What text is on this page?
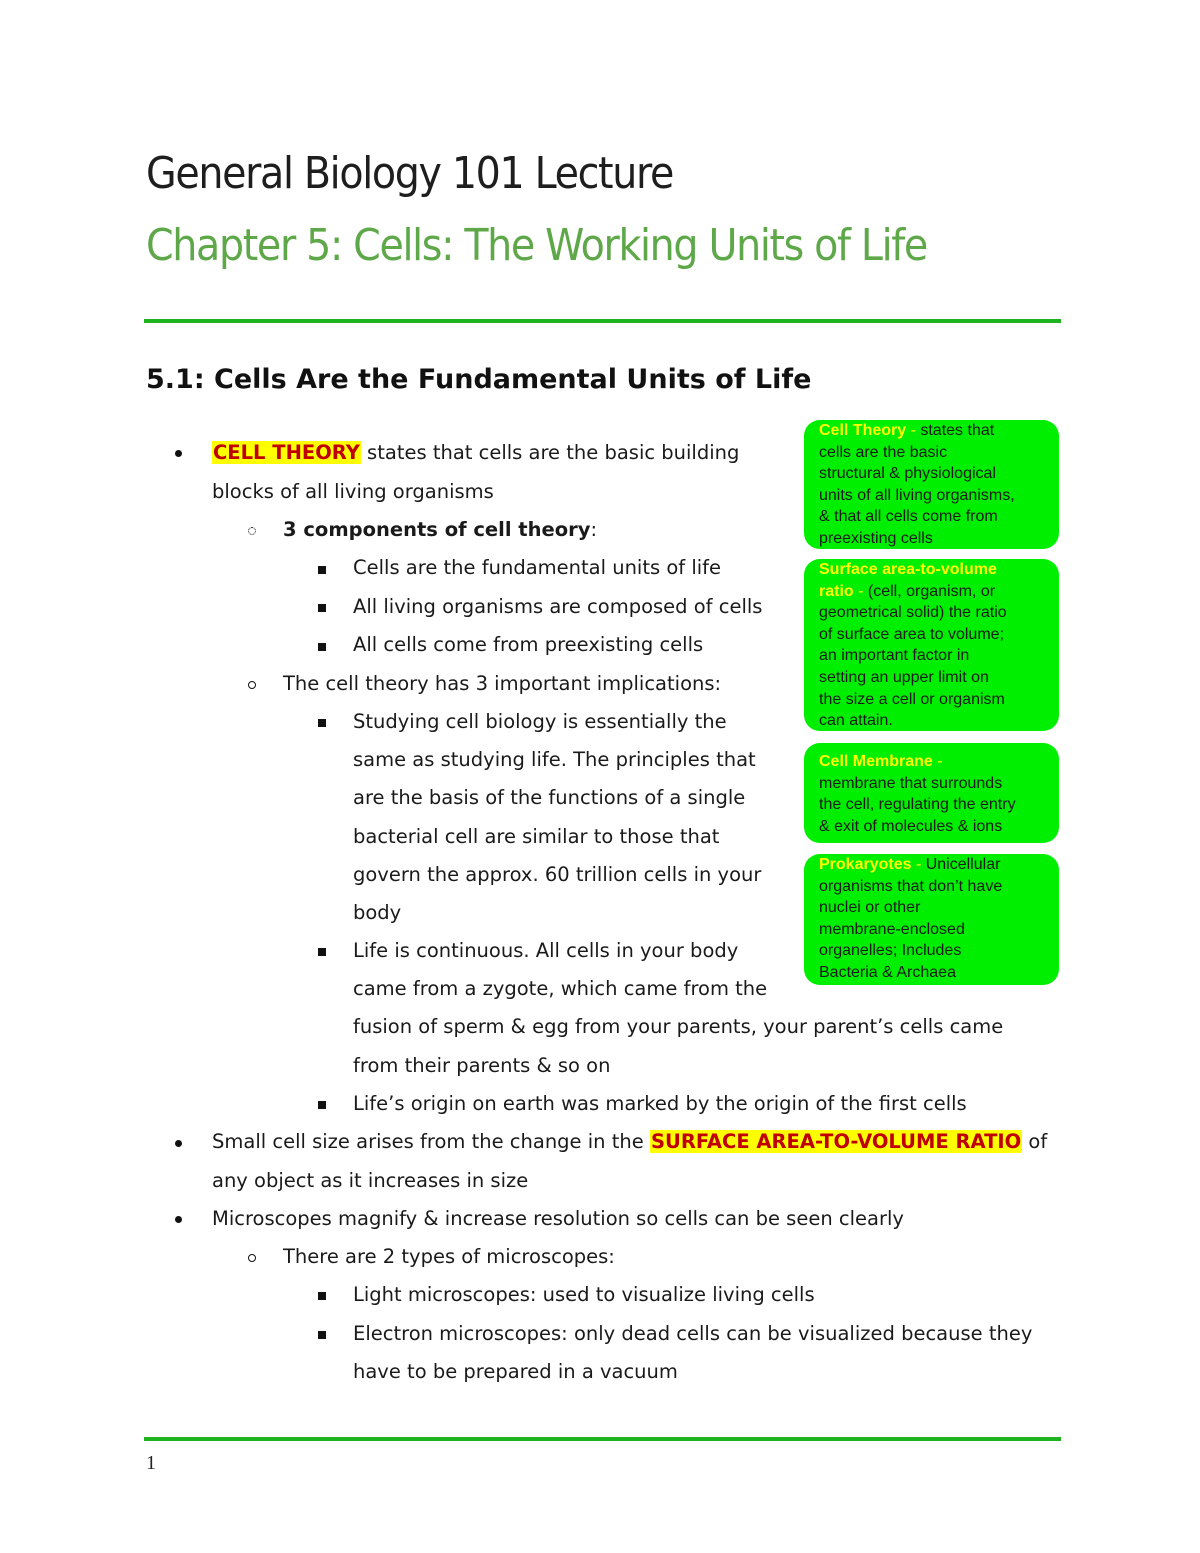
General Biology 101 Lecture
Chapter 5: Cells: The Working Units of Life
5.1: Cells Are the Fundamental Units of Life
CELL THEORY states that cells are the basic building
blocks of all living organisms
3 components of cell theory:
Cells are the fundamental units of life
All living organisms are composed of cells
All cells come from preexisting cells
The cell theory has 3 important implications:
Studying cell biology is essentially the
same as studying life. The principles that
are the basis of the functions of a single
bacterial cell are similar to those that
govern the approx. 60 trillion cells in your
body
Life is continuous. All cells in your body
came from a zygote, which came from the
fusion of sperm & egg from your parents, your parent’s cells came
from their parents & so on
Life’s origin on earth was marked by the origin of the first cells
Small cell size arises from the change in the SURFACE AREA-TO-VOLUME RATIO of
any object as it increases in size
Microscopes magnify & increase resolution so cells can be seen clearly
There are 2 types of microscopes:
Light microscopes: used to visualize living cells
Electron microscopes: only dead cells can be visualized because they
have to be prepared in a vacuum
Cell Theory - states that
cells are the basic
structural & physiological
units of all living organisms,
& that all cells come from
preexisting cells
Surface area-to-volume
ratio - (cell, organism, or
geometrical solid) the ratio
of surface area to volume;
an important factor in
setting an upper limit on
the size a cell or organism
can attain.
Cell Membrane -
membrane that surrounds
the cell, regulating the entry
& exit of molecules & ions
Prokaryotes - Unicellular
organisms that don’t have
nuclei or other
membrane-enclosed
organelles; Includes
Bacteria & Archaea
1
